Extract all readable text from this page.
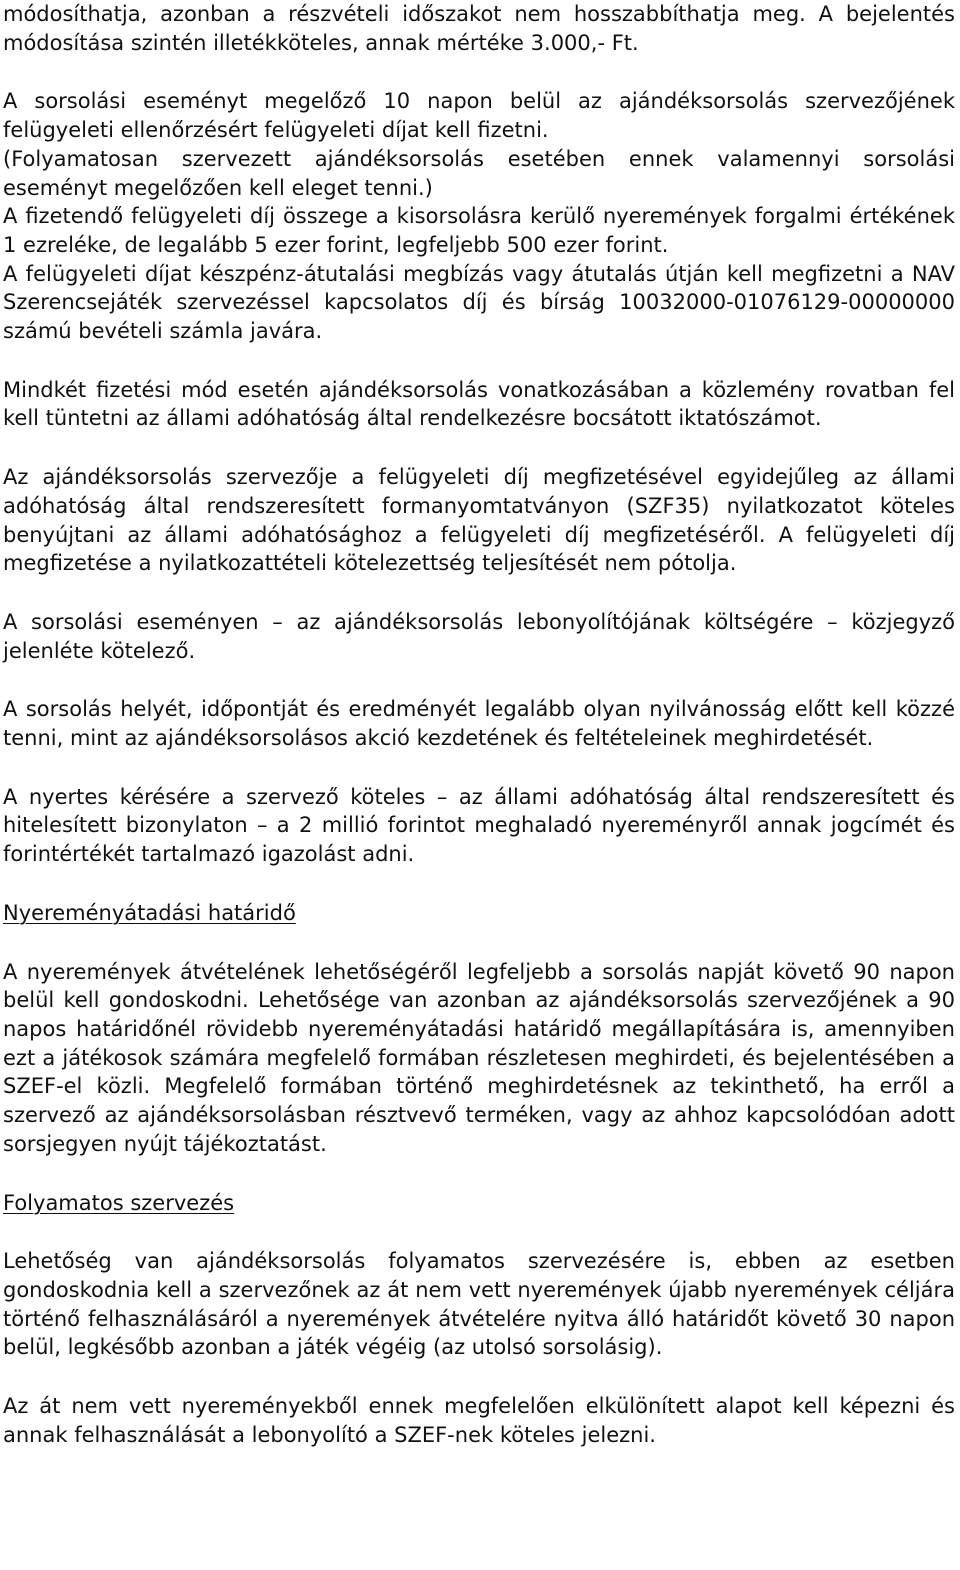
módosíthatja, azonban a részvételi időszakot nem hosszabbíthatja meg. A bejelentés módosítása szintén illetékköteles, annak mértéke 3.000,- Ft.

A sorsolási eseményt megelőző 10 napon belül az ajándéksorsolás szervezőjének felügyeleti ellenőrzésért felügyeleti díjat kell fizetni.

(Folyamatosan szervezett ajándéksorsolás esetében ennek valamennyi sorsolási eseményt megelőzően kell eleget tenni.)

A fizetendő felügyeleti díj összege a kisorsolásra kerülő nyeremények forgalmi értékének 1 ezreléke, de legalább 5 ezer forint, legfeljebb 500 ezer forint.

A felügyeleti díjat készpénz-átutalási megbízás vagy átutalás útján kell megfizetni a NAV Szerencsejáték szervezéssel kapcsolatos díj és bírság 10032000-01076129-00000000 számú bevételi számla javára.

Mindkét fizetési mód esetén ajándéksorsolás vonatkozásában a közlemény rovatban fel kell tüntetni az állami adóhatóság által rendelkezésre bocsátott iktatószámot.

Az ajándéksorsolás szervezője a felügyeleti díj megfizetésével egyidejűleg az állami adóhatóság által rendszeresített formanyomtatványon (SZF35) nyilatkozatot köteles benyújtani az állami adóhatósághoz a felügyeleti díj megfizetéséről. A felügyeleti díj megfizetése a nyilatkozattételi kötelezettség teljesítését nem pótolja.

A sorsolási eseményen – az ajándéksorsolás lebonyolítójának költségére – közjegyző jelenléte kötelező.

A sorsolás helyét, időpontját és eredményét legalább olyan nyilvánosság előtt kell közzé tenni, mint az ajándéksorsolásos akció kezdetének és feltételeinek meghirdetését.

A nyertes kérésére a szervező köteles – az állami adóhatóság által rendszeresített és hitelesített bizonylaton – a 2 millió forintot meghaladó nyereményről annak jogcímét és forintértékét tartalmazó igazolást adni.

Nyereményátadási határidő

A nyeremények átvételének lehetőségéről legfeljebb a sorsolás napját követő 90 napon belül kell gondoskodni. Lehetősége van azonban az ajándéksorsolás szervezőjének a 90 napos határidőnél rövidebb nyereményátadási határidő megállapítására is, amennyiben ezt a játékosok számára megfelelő formában részletesen meghirdeti, és bejelentésében a SZEF-el közli. Megfelelő formában történő meghirdetésnek az tekinthető, ha erről a szervező az ajándéksorsolásban résztvevő terméken, vagy az ahhoz kapcsolódóan adott sorsjegyen nyújt tájékoztatást.

Folyamatos szervezés

Lehetőség van ajándéksorsolás folyamatos szervezésére is, ebben az esetben gondoskodnia kell a szervezőnek az át nem vett nyeremények újabb nyeremények céljára történő felhasználásáról a nyeremények átvételére nyitva álló határidőt követő 30 napon belül, legkésőbb azonban a játék végéig (az utolsó sorsolásig).

Az át nem vett nyereményekből ennek megfelelően elkülönített alapot kell képezni és annak felhasználását a lebonyolító a SZEF-nek köteles jelezni.
